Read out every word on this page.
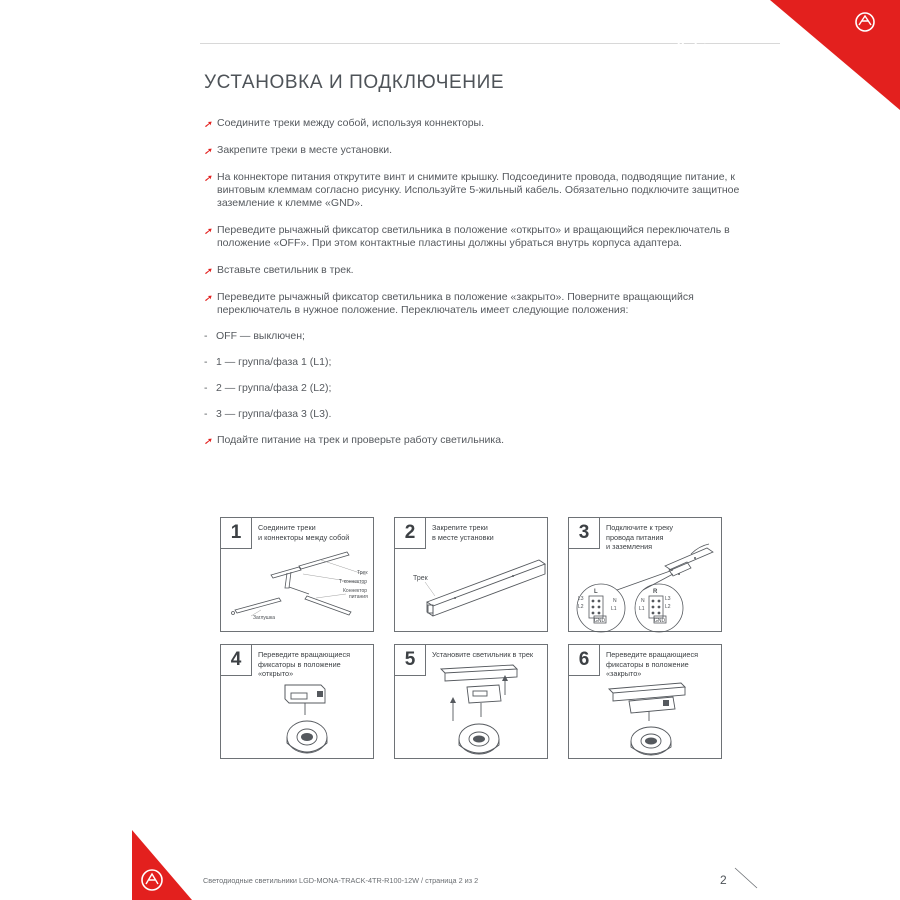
arlight
УСТАНОВКА И ПОДКЛЮЧЕНИЕ
➚ Соедините треки между собой, используя коннекторы.
➚ Закрепите треки в месте установки.
➚ На коннекторе питания открутите винт и снимите крышку. Подсоедините провода, подводящие питание, к винтовым клеммам согласно рисунку. Используйте 5-жильный кабель. Обязательно подключите защитное заземление к клемме «GND».
➚ Переведите рычажный фиксатор светильника в положение «открыто» и вращающийся переключатель в положение «OFF». При этом контактные пластины должны убраться внутрь корпуса адаптера.
➚ Вставьте светильник в трек.
➚ Переведите рычажный фиксатор светильника в положение «закрыто». Поверните вращающийся переключатель в нужное положение. Переключатель имеет следующие положения:
- OFF — выключен;
- 1 — группа/фаза 1 (L1);
- 2 — группа/фаза 2 (L2);
- 3 — группа/фаза 3 (L3).
➚ Подайте питание на трек и проверьте работу светильника.
1	Соедините треки
и коннекторы между собой
Трек
Т-коннектор
Коннектор
питания
Заглушка
2	Закрепите треки
в месте установки
Трек
3	Подключите к треку
провода питания
и заземления
L	R
N	N
L3
L2	L1
L3
L2
L1
GND	GND
4	Переведите вращающиеся
фиксаторы в положение
«открыто»
5	Установите светильник в трек	6	Переведите вращающиеся
фиксаторы в положение
«закрыто»
Светодиодные светильники LGD-MONA-TRACK-4TR-R100-12W / страница 2 из 2	2
